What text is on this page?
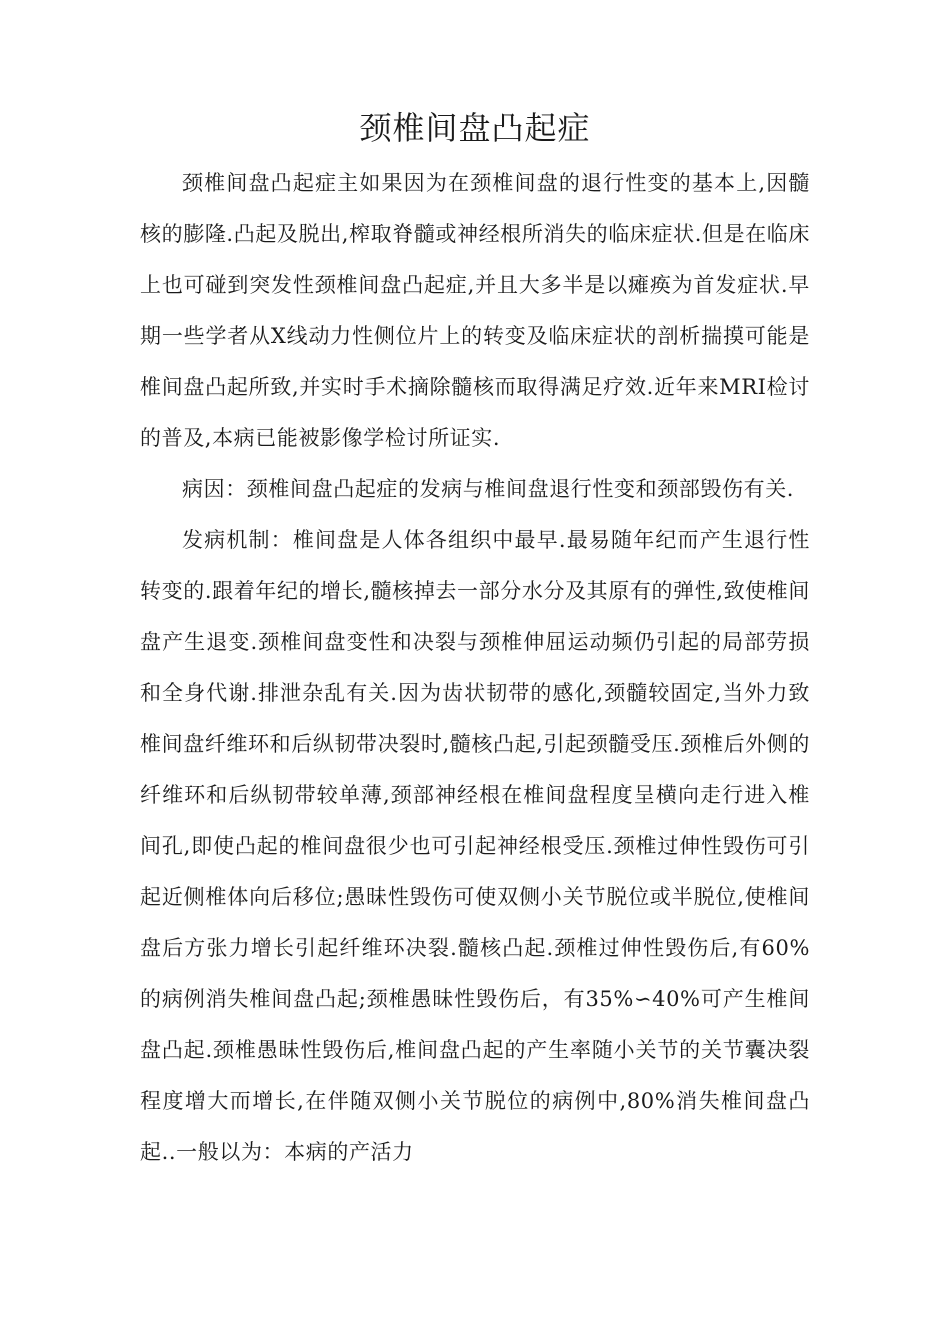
颈椎间盘凸起症

颈椎间盘凸起症主如果因为在颈椎间盘的退行性变的基本上,因髓核的膨隆.凸起及脱出,榨取脊髓或神经根所消失的临床症状.但是在临床上也可碰到突发性颈椎间盘凸起症,并且大多半是以瘫痪为首发症状.早期一些学者从X线动力性侧位片上的转变及临床症状的剖析揣摸可能是椎间盘凸起所致,并实时手术摘除髓核而取得满足疗效.近年来MRI检讨的普及,本病已能被影像学检讨所证实.

病因：颈椎间盘凸起症的发病与椎间盘退行性变和颈部毁伤有关.

发病机制：椎间盘是人体各组织中最早.最易随年纪而产生退行性转变的.跟着年纪的增长,髓核掉去一部分水分及其原有的弹性,致使椎间盘产生退变.颈椎间盘变性和决裂与颈椎伸屈运动频仍引起的局部劳损和全身代谢.排泄杂乱有关.因为齿状韧带的感化,颈髓较固定,当外力致椎间盘纤维环和后纵韧带决裂时,髓核凸起,引起颈髓受压.颈椎后外侧的纤维环和后纵韧带较单薄,颈部神经根在椎间盘程度呈横向走行进入椎间孔,即使凸起的椎间盘很少也可引起神经根受压.颈椎过伸性毁伤可引起近侧椎体向后移位;愚昧性毁伤可使双侧小关节脱位或半脱位,使椎间盘后方张力增长引起纤维环决裂.髓核凸起.颈椎过伸性毁伤后,有60%的病例消失椎间盘凸起;颈椎愚昧性毁伤后，有35%∽40%可产生椎间盘凸起.颈椎愚昧性毁伤后,椎间盘凸起的产生率随小关节的关节囊决裂程度增大而增长,在伴随双侧小关节脱位的病例中,80%消失椎间盘凸起..一般以为：本病的产活力
